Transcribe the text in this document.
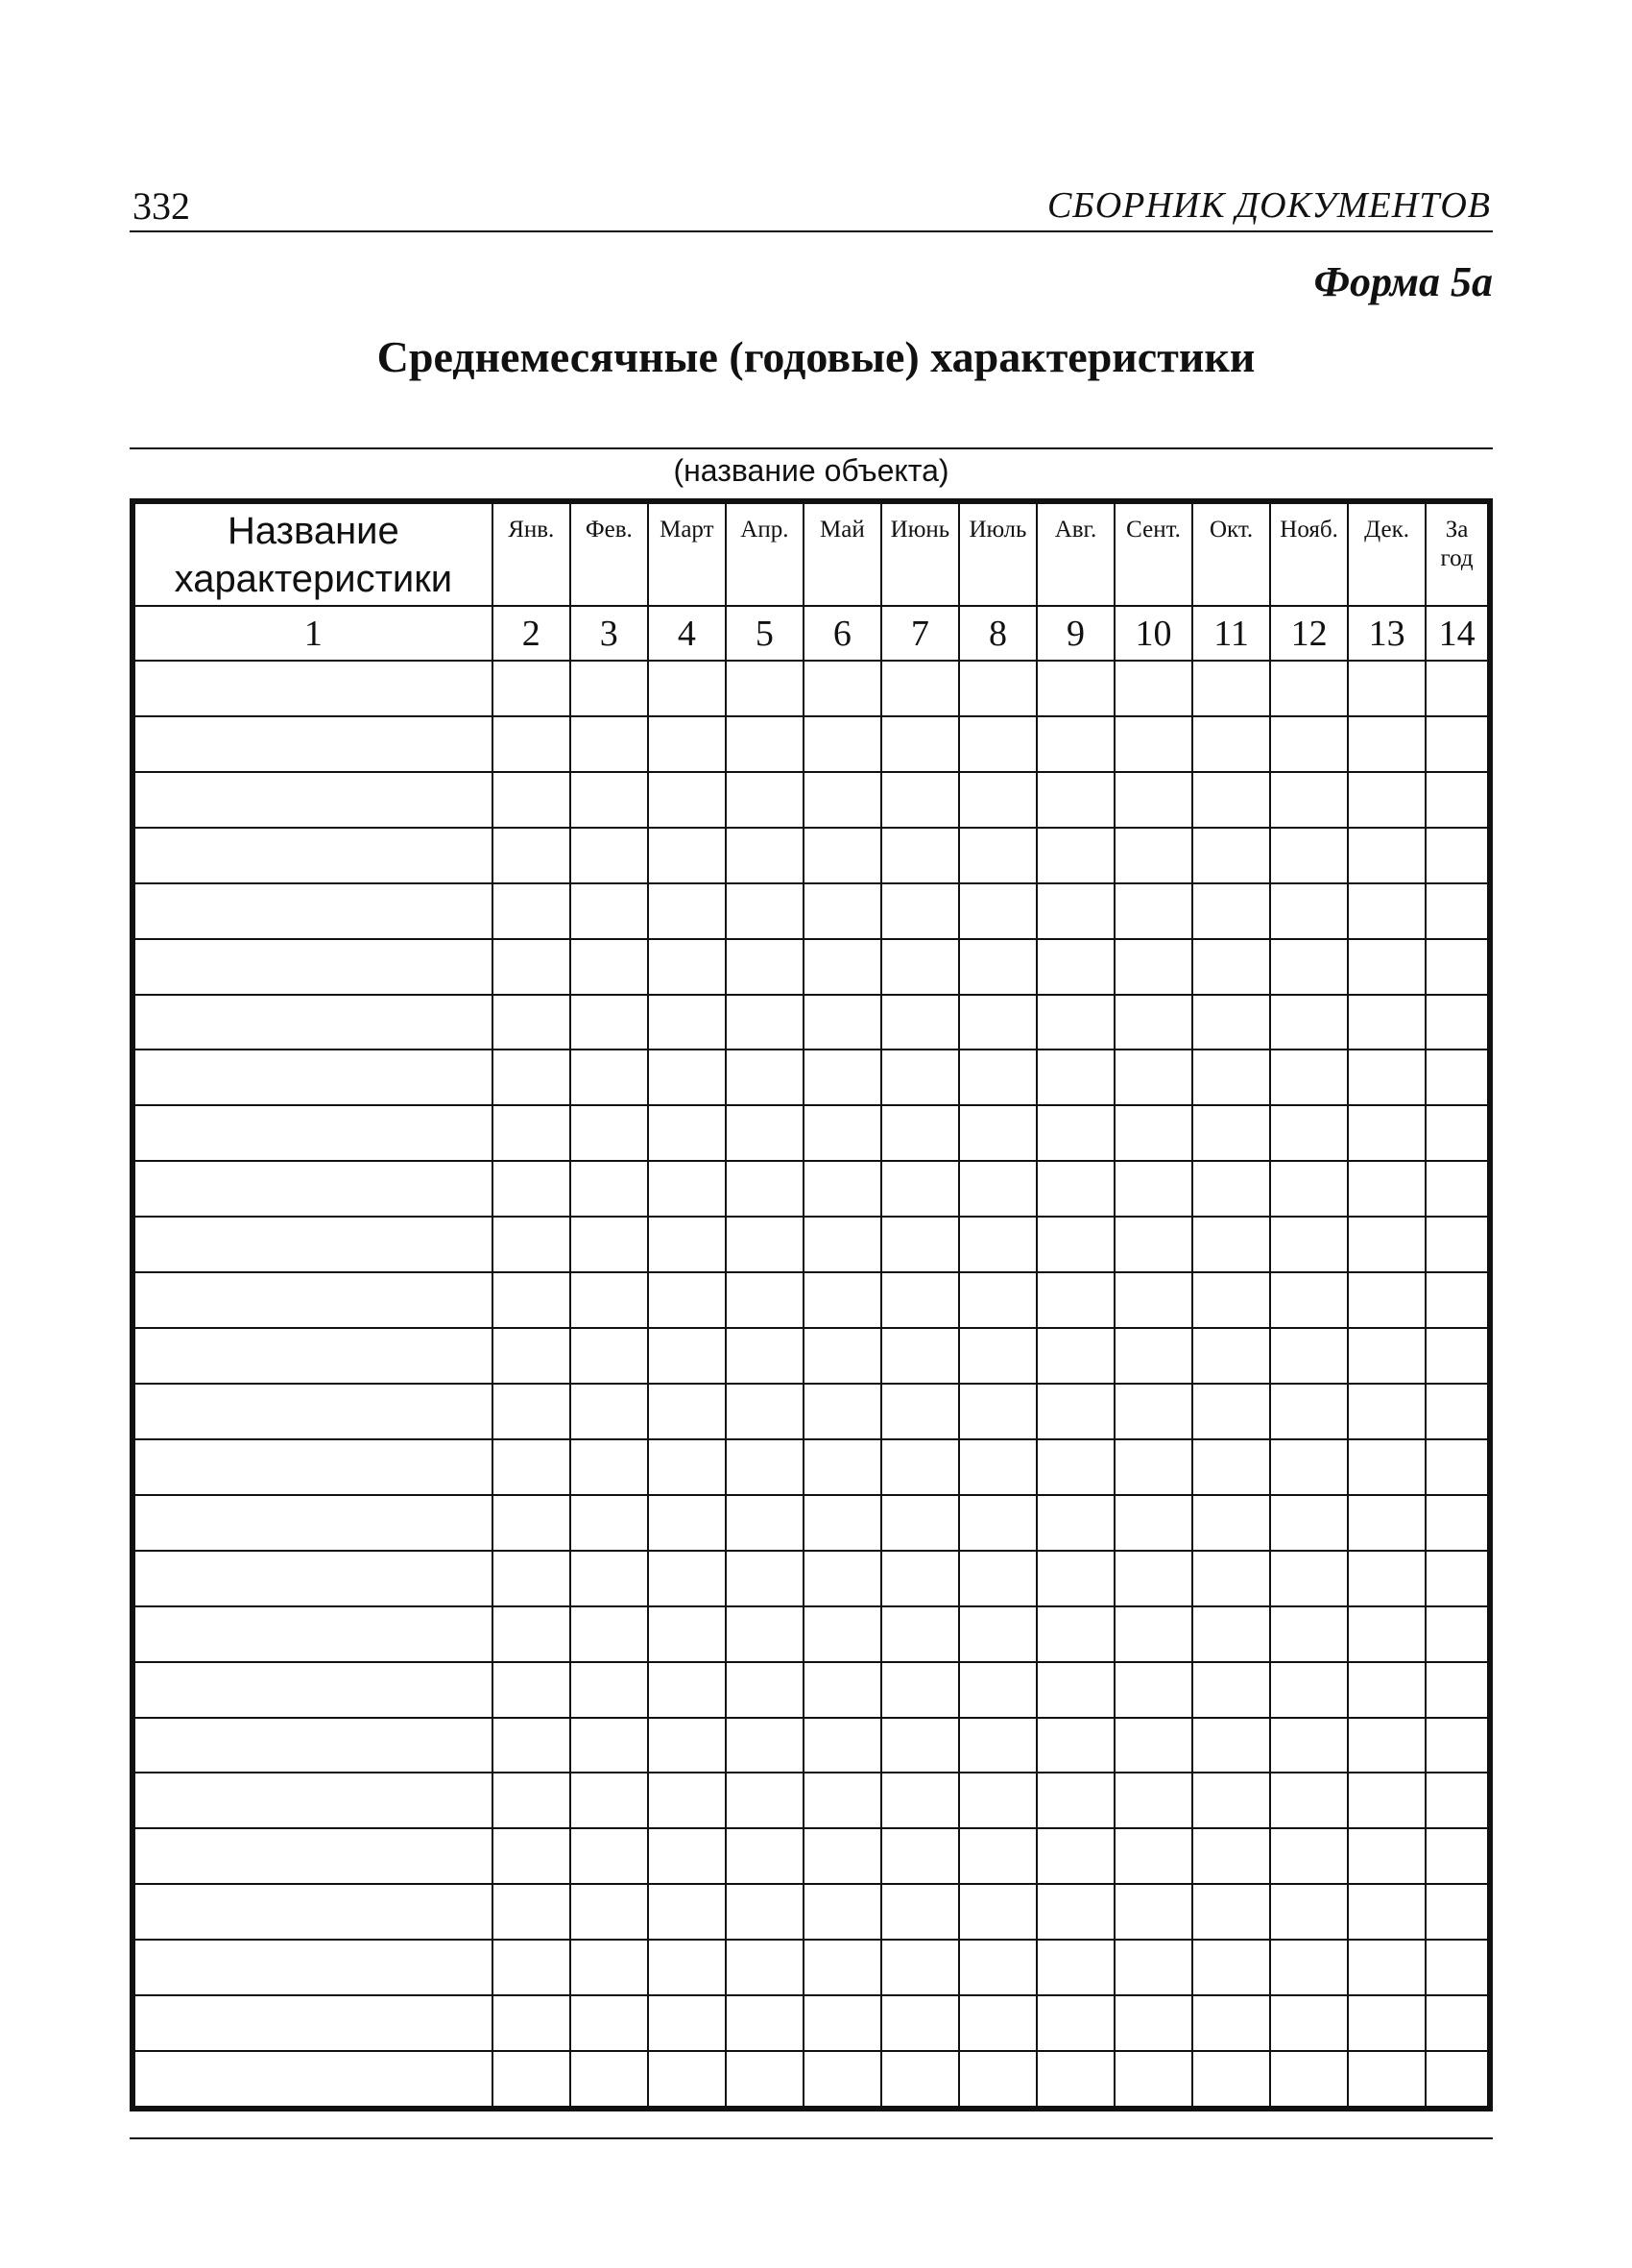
332	СБОРНИК ДОКУМЕНТОВ
Форма 5а
Среднемесячные (годовые) характеристики
(название объекта)
Название
характеристики	Янв.	Фев.	Март	Апр.	Май	Июнь	Июль	Авг.	Сент.	Окт.	Нояб.	Дек.	За год
1	2	3	4	5	6	7	8	9	10	11	12	13	14
